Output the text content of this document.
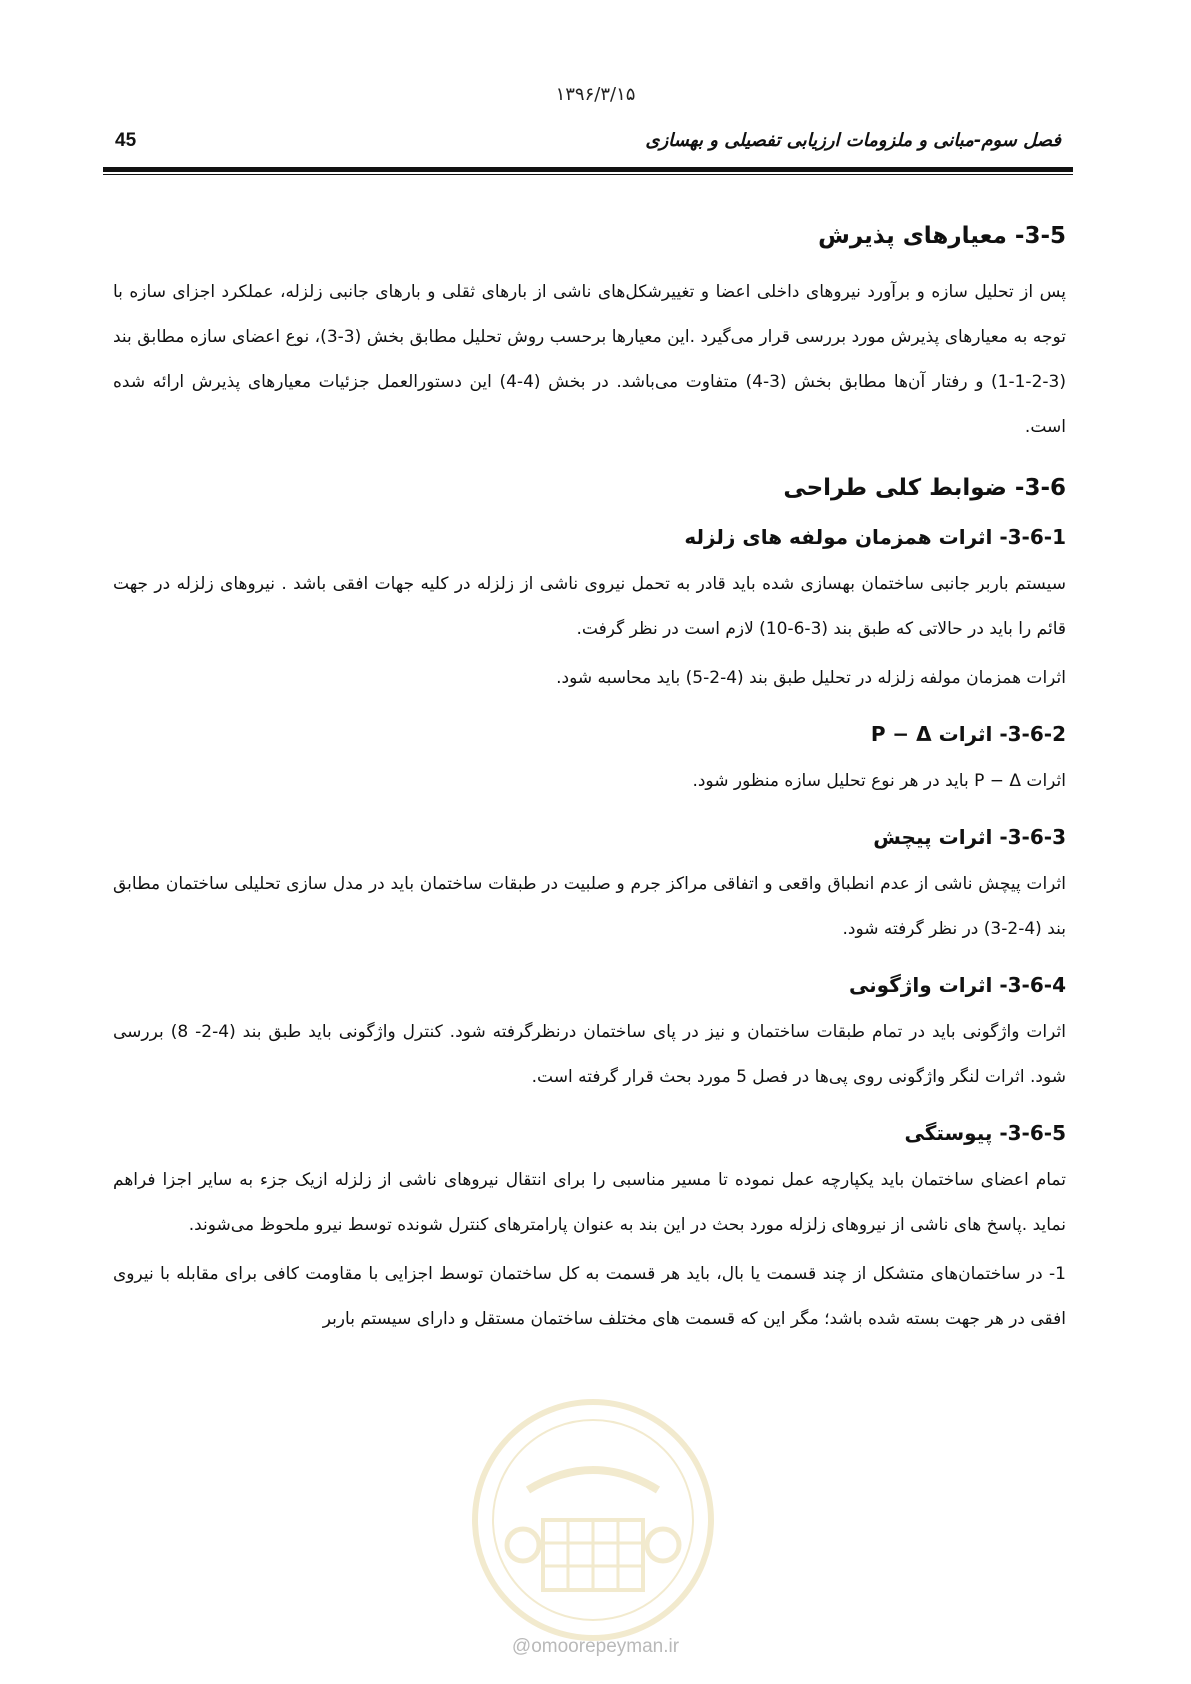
۱۳۹۶/۳/۱۵
45	فصل سوم-مبانی و ملزومات ارزیابی تفصیلی و بهسازی
3-5- معیارهای پذیرش

پس از تحلیل سازه و برآورد نیروهای داخلی اعضا و تغییرشکل‌های ناشی از بارهای ثقلی و بارهای جانبی زلزله، عملکرد اجزای سازه با توجه به معیارهای پذیرش مورد بررسی قرار می‌گیرد .این معیارها برحسب روش تحلیل مطابق بخش (3-3)، نوع اعضای سازه مطابق بند (3-2-1-1) و رفتار آن‌ها مطابق بخش (3-4) متفاوت می‌باشد. در بخش (4-4) این دستورالعمل جزئیات معیارهای پذیرش ارائه شده است.

3-6- ضوابط کلی طراحی
3-6-1- اثرات همزمان مولفه های زلزله

سیستم باربر جانبی ساختمان بهسازی شده باید قادر به تحمل نیروی ناشی از زلزله در کلیه جهات افقی باشد . نیروهای زلزله در جهت قائم را باید در حالاتی که طبق بند (3-6-10) لازم است در نظر گرفت.

اثرات همزمان مولفه زلزله در تحلیل طبق بند (4-2-5) باید محاسبه شود.

3-6-2- اثرات P − Δ

اثرات P − Δ باید در هر نوع تحلیل سازه منظور شود.

3-6-3- اثرات پیچش

اثرات پیچش ناشی از عدم انطباق واقعی و اتفاقی مراکز جرم و صلبیت در طبقات ساختمان باید در مدل سازی تحلیلی ساختمان مطابق بند (4-2-3) در نظر گرفته شود.

3-6-4- اثرات واژگونی

اثرات واژگونی باید در تمام طبقات ساختمان و نیز در پای ساختمان درنظرگرفته شود. کنترل واژگونی باید طبق بند (4-2- 8) بررسی شود. اثرات لنگر واژگونی روی پی‌ها در فصل 5 مورد بحث قرار گرفته است.

3-6-5- پیوستگی

تمام اعضای ساختمان باید یکپارچه عمل نموده تا مسیر مناسبی را برای انتقال نیروهای ناشی از زلزله ازیک جزء به سایر اجزا فراهم نماید .پاسخ های ناشی از نیروهای زلزله مورد بحث در این بند به عنوان پارامترهای کنترل شونده توسط نیرو ملحوظ می‌شوند.

1- در ساختمان‌های متشکل از چند قسمت یا بال، باید هر قسمت به کل ساختمان توسط اجزایی با مقاومت کافی برای مقابله با نیروی افقی در هر جهت بسته شده باشد؛ مگر این که قسمت های مختلف ساختمان مستقل و دارای سیستم باربر

@omoorepeyman.ir
